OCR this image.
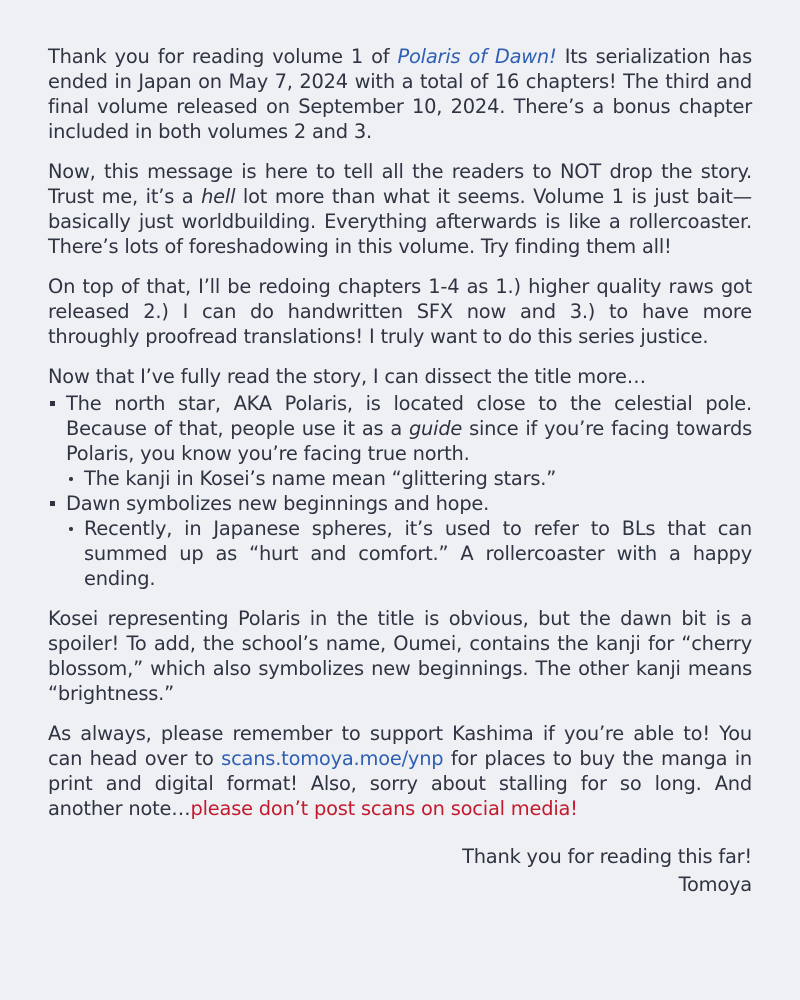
Thank you for reading volume 1 of Polaris of Dawn! Its serialization has ended in Japan on May 7, 2024 with a total of 16 chapters! The third and final volume released on September 10, 2024. There’s a bonus chapter included in both volumes 2 and 3.

Now, this message is here to tell all the readers to NOT drop the story. Trust me, it’s a hell lot more than what it seems. Volume 1 is just bait—basically just worldbuilding. Everything afterwards is like a rollercoaster. There’s lots of foreshadowing in this volume. Try finding them all!

On top of that, I’ll be redoing chapters 1-4 as 1.) higher quality raws got released 2.) I can do handwritten SFX now and 3.) to have more throughly proofread translations! I truly want to do this series justice.

Now that I’ve fully read the story, I can dissect the title more…

The north star, AKA Polaris, is located close to the celestial pole. Because of that, people use it as a guide since if you’re facing towards Polaris, you know you’re facing true north.
The kanji in Kosei’s name mean “glittering stars.”
Dawn symbolizes new beginnings and hope.
Recently, in Japanese spheres, it’s used to refer to BLs that can summed up as “hurt and comfort.” A rollercoaster with a happy ending.

Kosei representing Polaris in the title is obvious, but the dawn bit is a spoiler! To add, the school’s name, Oumei, contains the kanji for “cherry blossom,” which also symbolizes new beginnings. The other kanji means “brightness.”

As always, please remember to support Kashima if you’re able to! You can head over to scans.tomoya.moe/ynp for places to buy the manga in print and digital format! Also, sorry about stalling for so long. And another note…please don’t post scans on social media!

Thank you for reading this far!
Tomoya
